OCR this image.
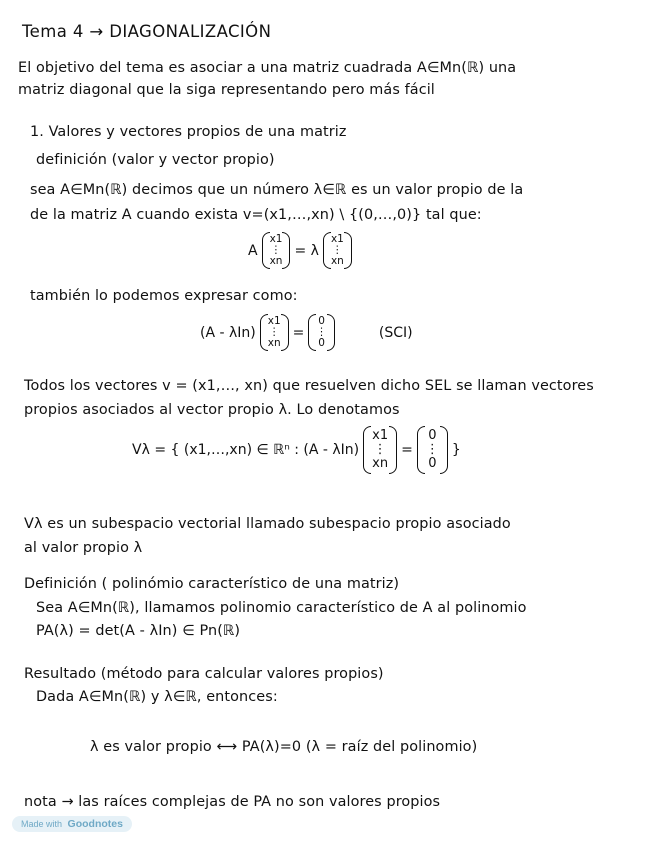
Tema 4 → DIAGONALIZACIÓN
El objetivo del tema es asociar a una matriz cuadrada A∈Mn(ℝ) una
matriz diagonal que la siga representando pero más fácil
1. Valores y vectores propios de una matriz
definición (valor y vector propio)
sea A∈Mn(ℝ) decimos que un número λ∈ℝ es un valor propio de la
de la matriz A cuando exista v=(x1,…,xn) \ {(0,…,0)} tal que:
A
x1
⋮
xn
= λ
x1
⋮
xn
también lo podemos expresar como:
(A - λIn)
x1
⋮
xn
=
0
⋮
0
(SCI)
Todos los vectores v = (x1,…, xn) que resuelven dicho SEL se llaman vectores
propios asociados al vector propio λ. Lo denotamos
Vλ = { (x1,…,xn) ∈ ℝⁿ : (A - λIn)
x1
⋮
xn
=
0
⋮
0
}
Vλ es un subespacio vectorial llamado subespacio propio asociado
al valor propio λ
Definición ( polinómio característico de una matriz)
Sea A∈Mn(ℝ), llamamos polinomio característico de A al polinomio
PA(λ) = det(A - λIn) ∈ Pn(ℝ)
Resultado (método para calcular valores propios)
Dada A∈Mn(ℝ) y λ∈ℝ, entonces:
λ es valor propio ⟷ PA(λ)=0 (λ = raíz del polinomio)
nota → las raíces complejas de PA no son valores propios
Made with Goodnotes
